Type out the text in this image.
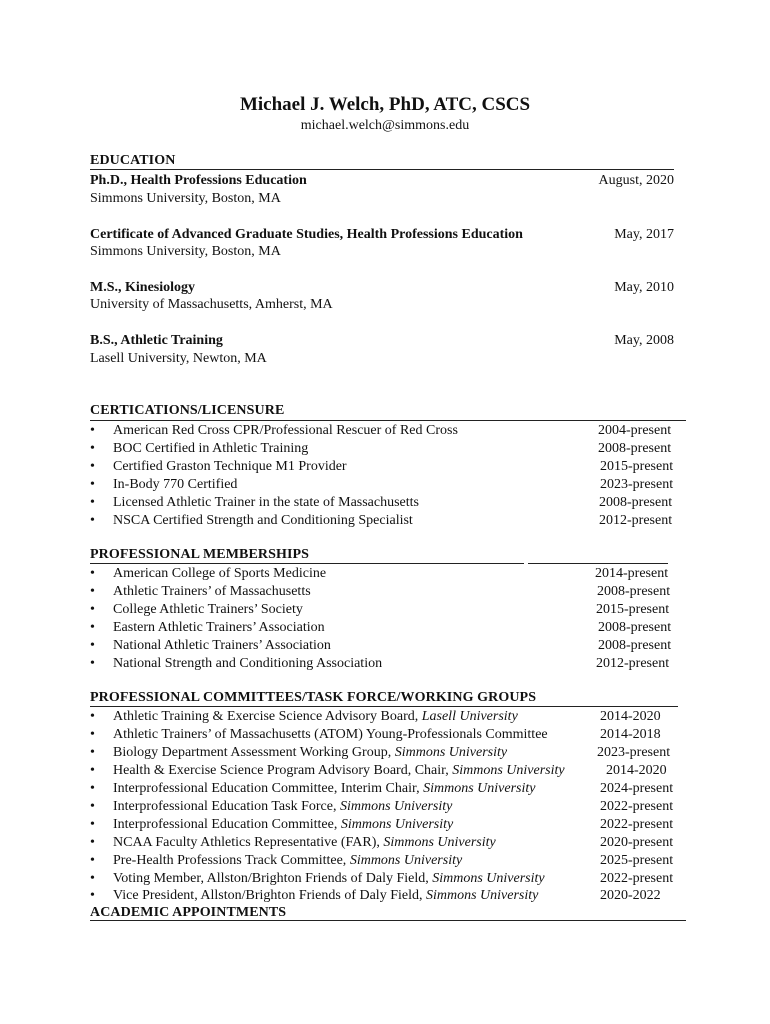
Michael J. Welch, PhD, ATC, CSCS
michael.welch@simmons.edu
EDUCATION
Ph.D., Health Professions Education	August, 2020
Simmons University, Boston, MA
Certificate of Advanced Graduate Studies, Health Professions Education	May, 2017
Simmons University, Boston, MA
M.S., Kinesiology	May, 2010
University of Massachusetts, Amherst, MA
B.S., Athletic Training	May, 2008
Lasell University, Newton, MA
CERTICATIONS/LICENSURE
•	American Red Cross CPR/Professional Rescuer of Red Cross	2004-present
•	BOC Certified in Athletic Training	2008-present
•	Certified Graston Technique M1 Provider	2015-present
•	In-Body 770 Certified	2023-present
•	Licensed Athletic Trainer in the state of Massachusetts	2008-present
•	NSCA Certified Strength and Conditioning Specialist	2012-present
PROFESSIONAL MEMBERSHIPS
•	American College of Sports Medicine	2014-present
•	Athletic Trainers’ of Massachusetts	2008-present
•	College Athletic Trainers’ Society	2015-present
•	Eastern Athletic Trainers’ Association	2008-present
•	National Athletic Trainers’ Association	2008-present
•	National Strength and Conditioning Association	2012-present
PROFESSIONAL COMMITTEES/TASK FORCE/WORKING GROUPS
•	Athletic Training & Exercise Science Advisory Board, Lasell University	2014-2020
•	Athletic Trainers’ of Massachusetts (ATOM) Young-Professionals Committee	2014-2018
•	Biology Department Assessment Working Group, Simmons University	2023-present
•	Health & Exercise Science Program Advisory Board, Chair, Simmons University	2014-2020
•	Interprofessional Education Committee, Interim Chair, Simmons University	2024-present
•	Interprofessional Education Task Force, Simmons University	2022-present
•	Interprofessional Education Committee, Simmons University	2022-present
•	NCAA Faculty Athletics Representative (FAR), Simmons University	2020-present
•	Pre-Health Professions Track Committee, Simmons University	2025-present
•	Voting Member, Allston/Brighton Friends of Daly Field, Simmons University	2022-present
•	Vice President, Allston/Brighton Friends of Daly Field, Simmons University	2020-2022
ACADEMIC APPOINTMENTS
